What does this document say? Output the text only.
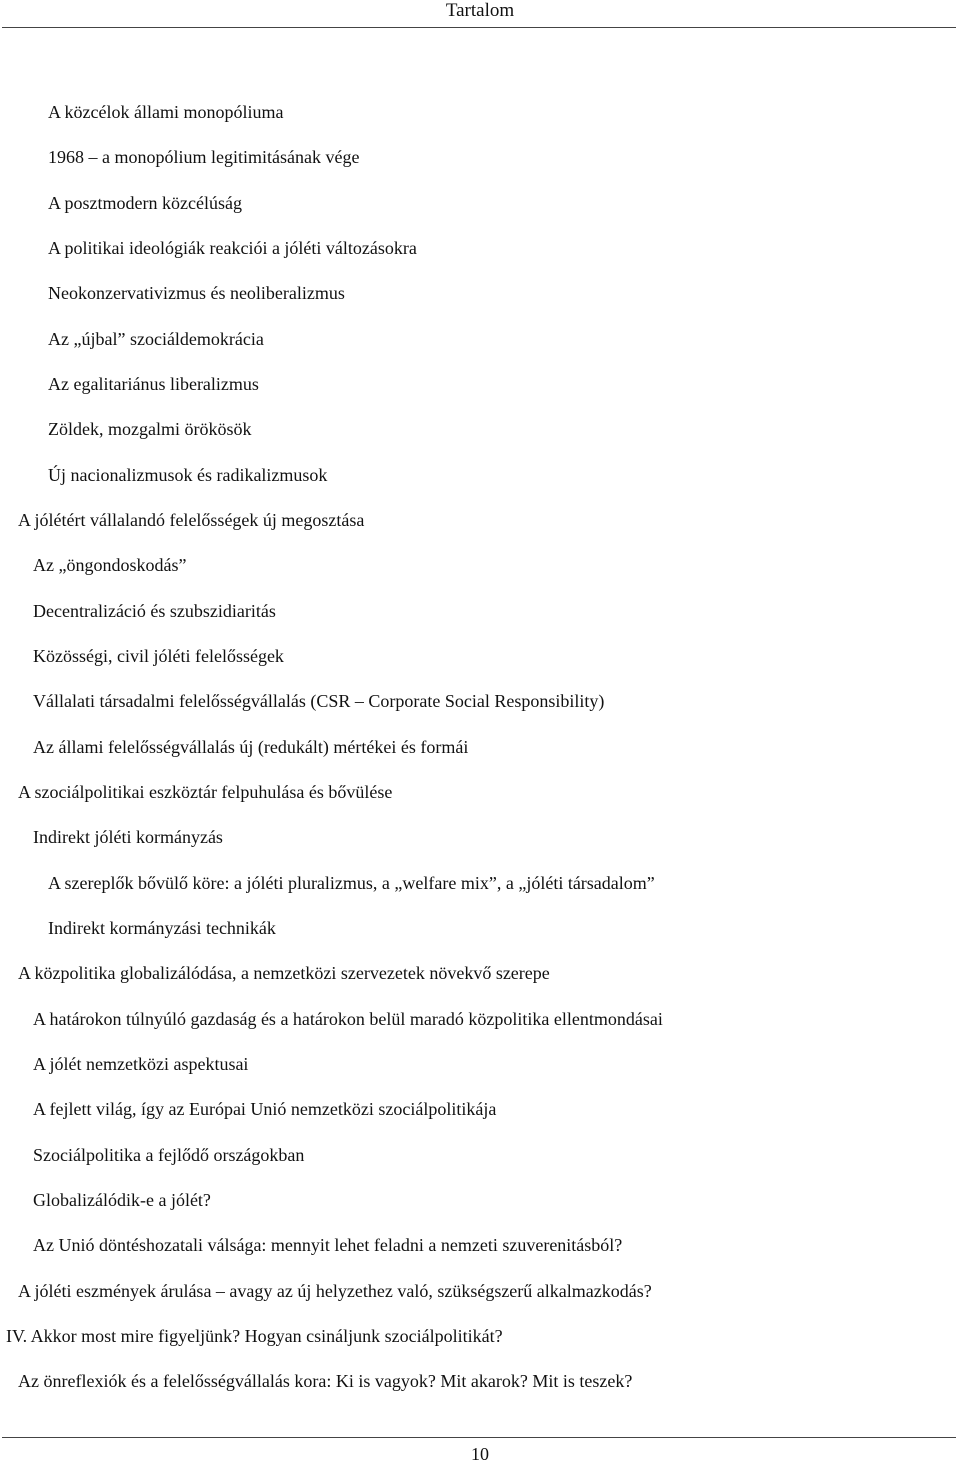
Tartalom
A közcélok állami monopóliuma
1968 – a monopólium legitimitásának vége
A posztmodern közcélúság
A politikai ideológiák reakciói a jóléti változásokra
Neokonzervativizmus és neoliberalizmus
Az „újbal” szociáldemokrácia
Az egalitariánus liberalizmus
Zöldek, mozgalmi örökösök
Új nacionalizmusok és radikalizmusok
A jólétért vállalandó felelősségek új megosztása
Az „öngondoskodás”
Decentralizáció és szubszidiaritás
Közösségi, civil jóléti felelősségek
Vállalati társadalmi felelősségvállalás (CSR – Corporate Social Responsibility)
Az állami felelősségvállalás új (redukált) mértékei és formái
A szociálpolitikai eszköztár felpuhulása és bővülése
Indirekt jóléti kormányzás
A szereplők bővülő köre: a jóléti pluralizmus, a „welfare mix”, a „jóléti társadalom”
Indirekt kormányzási technikák
A közpolitika globalizálódása, a nemzetközi szervezetek növekvő szerepe
A határokon túlnyúló gazdaság és a határokon belül maradó közpolitika ellentmondásai
A jólét nemzetközi aspektusai
A fejlett világ, így az Európai Unió nemzetközi szociálpolitikája
Szociálpolitika a fejlődő országokban
Globalizálódik-e a jólét?
Az Unió döntéshozatali válsága: mennyit lehet feladni a nemzeti szuverenitásból?
A jóléti eszmények árulása – avagy az új helyzethez való, szükségszerű alkalmazkodás?
IV. Akkor most mire figyeljünk? Hogyan csináljunk szociálpolitikát?
Az önreflexiók és a felelősségvállalás kora: Ki is vagyok? Mit akarok? Mit is teszek?
10
